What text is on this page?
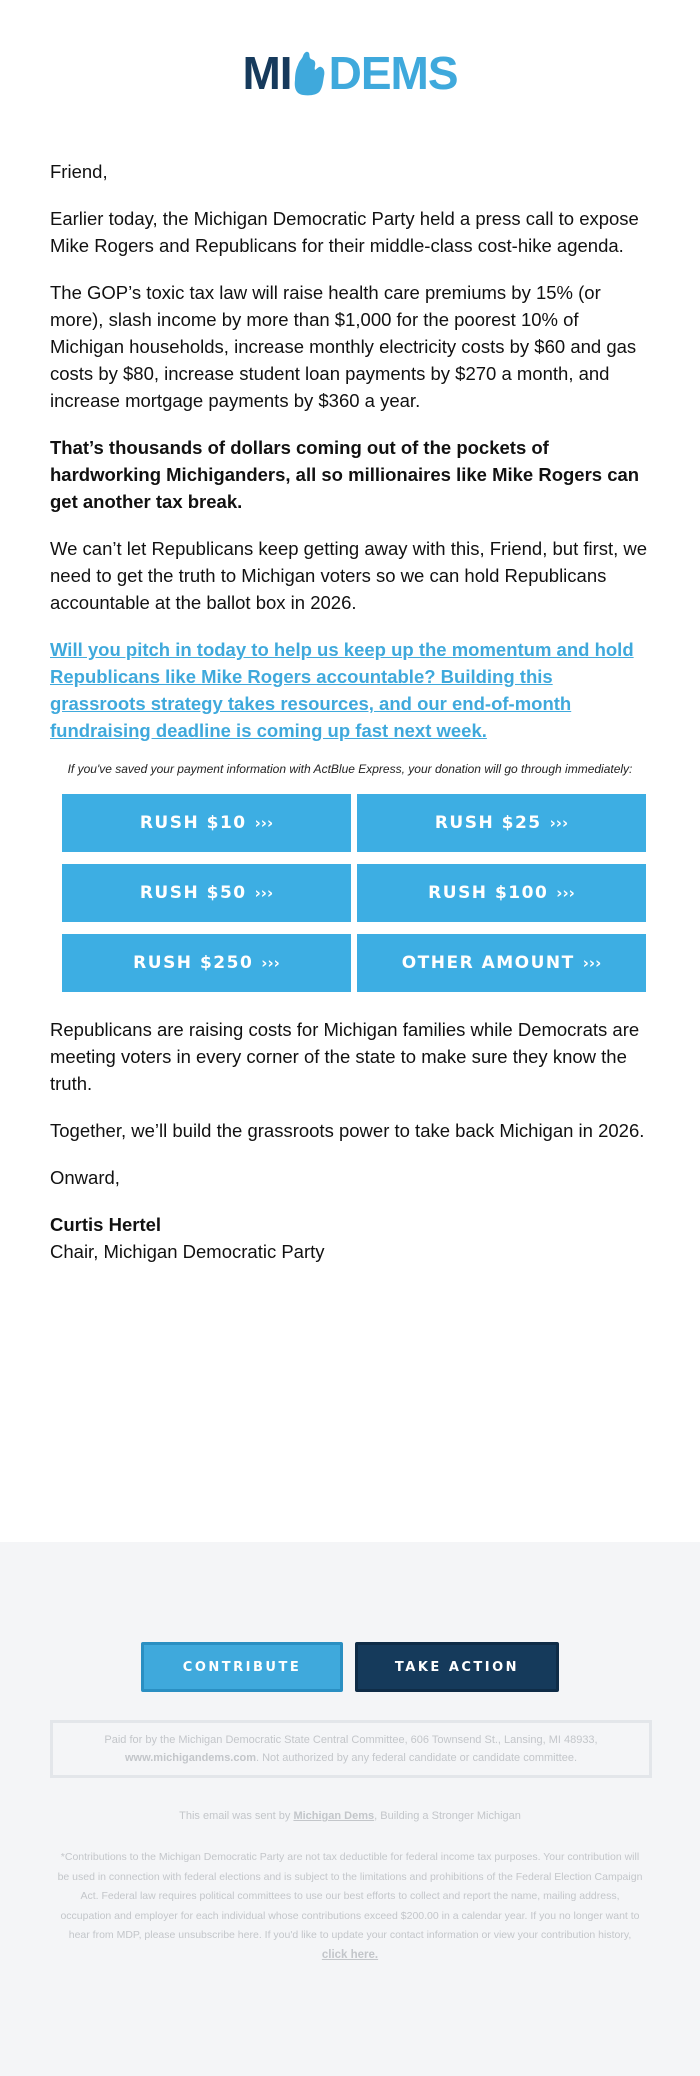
MI DEMS

Friend,

Earlier today, the Michigan Democratic Party held a press call to expose Mike Rogers and Republicans for their middle-class cost-hike agenda.

The GOP’s toxic tax law will raise health care premiums by 15% (or more), slash income by more than $1,000 for the poorest 10% of Michigan households, increase monthly electricity costs by $60 and gas costs by $80, increase student loan payments by $270 a month, and increase mortgage payments by $360 a year.

That’s thousands of dollars coming out of the pockets of hardworking Michiganders, all so millionaires like Mike Rogers can get another tax break.

We can’t let Republicans keep getting away with this, Friend, but first, we need to get the truth to Michigan voters so we can hold Republicans accountable at the ballot box in 2026.

Will you pitch in today to help us keep up the momentum and hold Republicans like Mike Rogers accountable? Building this grassroots strategy takes resources, and our end-of-month fundraising deadline is coming up fast next week.
If you've saved your payment information with ActBlue Express, your donation will go through immediately:
RUSH $10 ›››	RUSH $25 ›››
RUSH $50 ›››	RUSH $100 ›››
RUSH $250 ›››	OTHER AMOUNT ›››

Republicans are raising costs for Michigan families while Democrats are meeting voters in every corner of the state to make sure they know the truth.

Together, we’ll build the grassroots power to take back Michigan in 2026.

Onward,

Curtis Hertel
Chair, Michigan Democratic Party

CONTRIBUTE	TAKE ACTION
Paid for by the Michigan Democratic State Central Committee, 606 Townsend St., Lansing, MI 48933,
www.michigandems.com. Not authorized by any federal candidate or candidate committee.
This email was sent by Michigan Dems, Building a Stronger Michigan
*Contributions to the Michigan Democratic Party are not tax deductible for federal income tax purposes. Your contribution will be used in connection with federal elections and is subject to the limitations and prohibitions of the Federal Election Campaign Act. Federal law requires political committees to use our best efforts to collect and report the name, mailing address, occupation and employer for each individual whose contributions exceed $200.00 in a calendar year. If you no longer want to hear from MDP, please unsubscribe here. If you'd like to update your contact information or view your contribution history, click here.
